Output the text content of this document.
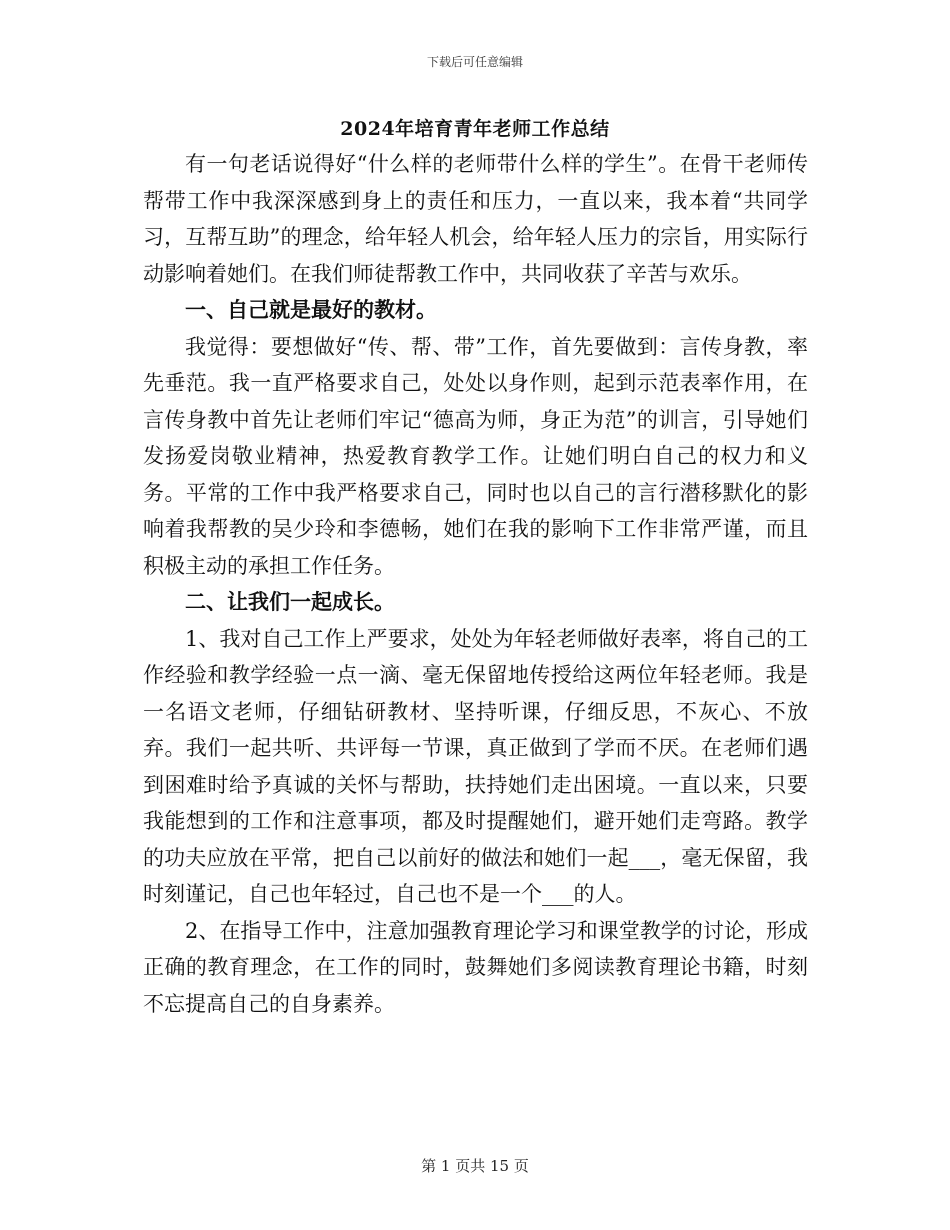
下载后可任意编辑
2024年培育青年老师工作总结

有一句老话说得好“什么样的老师带什么样的学生”。在骨干老师传帮带工作中我深深感到身上的责任和压力，一直以来，我本着“共同学习，互帮互助”的理念，给年轻人机会，给年轻人压力的宗旨，用实际行动影响着她们。在我们师徒帮教工作中，共同收获了辛苦与欢乐。

一、自己就是最好的教材。

我觉得：要想做好“传、帮、带”工作，首先要做到：言传身教，率先垂范。我一直严格要求自己，处处以身作则，起到示范表率作用，在言传身教中首先让老师们牢记“德高为师，身正为范”的训言，引导她们发扬爱岗敬业精神，热爱教育教学工作。让她们明白自己的权力和义务。平常的工作中我严格要求自己，同时也以自己的言行潜移默化的影响着我帮教的吴少玲和李德畅，她们在我的影响下工作非常严谨，而且积极主动的承担工作任务。

二、让我们一起成长。

1、我对自己工作上严要求，处处为年轻老师做好表率，将自己的工作经验和教学经验一点一滴、毫无保留地传授给这两位年轻老师。我是一名语文老师，仔细钻研教材、坚持听课，仔细反思，不灰心、不放弃。我们一起共听、共评每一节课，真正做到了学而不厌。在老师们遇到困难时给予真诚的关怀与帮助，扶持她们走出困境。一直以来，只要我能想到的工作和注意事项，都及时提醒她们，避开她们走弯路。教学的功夫应放在平常，把自己以前好的做法和她们一起___，毫无保留，我时刻谨记，自己也年轻过，自己也不是一个___的人。

2、在指导工作中，注意加强教育理论学习和课堂教学的讨论，形成正确的教育理念，在工作的同时，鼓舞她们多阅读教育理论书籍，时刻不忘提高自己的自身素养。

第 1 页共 15 页
